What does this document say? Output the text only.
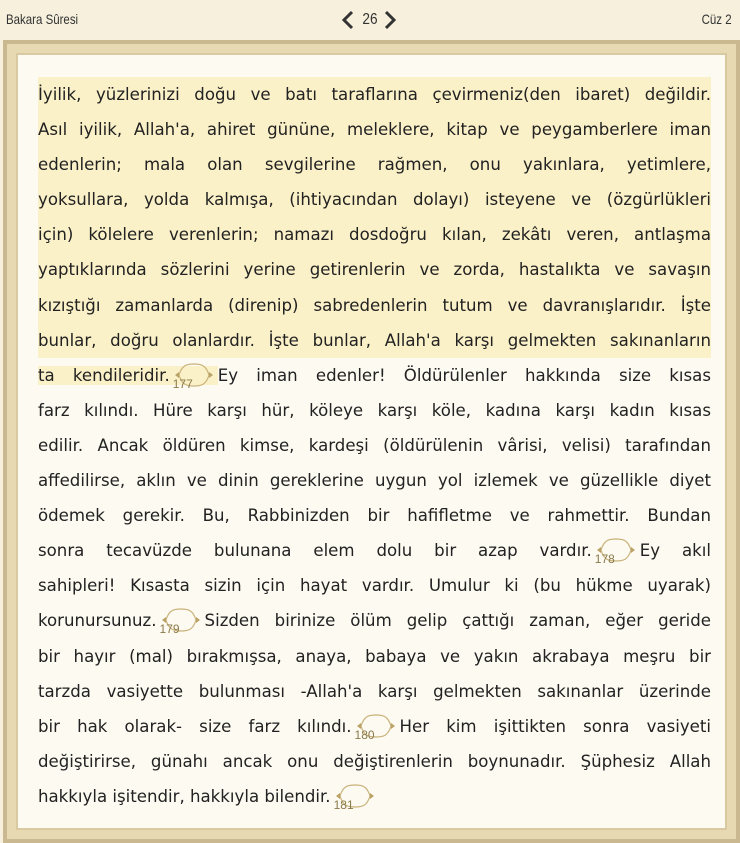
Bakara Sûresi	26	Cüz 2
İyilik, yüzlerinizi doğu ve batı taraflarına çevirmeniz(den ibaret) değildir.
Asıl iyilik, Allah'a, ahiret gününe, meleklere, kitap ve peygamberlere iman
edenlerin; mala olan sevgilerine rağmen, onu yakınlara, yetimlere,
yoksullara, yolda kalmışa, (ihtiyacından dolayı) isteyene ve (özgürlükleri
için) kölelere verenlerin; namazı dosdoğru kılan, zekâtı veren, antlaşma
yaptıklarında sözlerini yerine getirenlerin ve zorda, hastalıkta ve savaşın
kızıştığı zamanlarda (direnip) sabredenlerin tutum ve davranışlarıdır. İşte
bunlar, doğru olanlardır. İşte bunlar, Allah'a karşı gelmekten sakınanların
ta kendileridir. 177	Ey iman edenler! Öldürülenler hakkında size kısas
farz kılındı. Hüre karşı hür, köleye karşı köle, kadına karşı kadın kısas
edilir. Ancak öldüren kimse, kardeşi (öldürülenin vârisi, velisi) tarafından
affedilirse, aklın ve dinin gereklerine uygun yol izlemek ve güzellikle diyet
ödemek gerekir. Bu, Rabbinizden bir hafifletme ve rahmettir. Bundan
sonra tecavüzde bulunana elem dolu bir azap vardır. 178	Ey akıl
sahipleri! Kısasta sizin için hayat vardır. Umulur ki (bu hükme uyarak)
korunursunuz. 179	Sizden birinize ölüm gelip çattığı zaman, eğer geride
bir hayır (mal) bırakmışsa, anaya, babaya ve yakın akrabaya meşru bir
tarzda vasiyette bulunması -Allah'a karşı gelmekten sakınanlar üzerinde
bir hak olarak- size farz kılındı. 180	Her kim işittikten sonra vasiyeti
değiştirirse, günahı ancak onu değiştirenlerin boynunadır. Şüphesiz Allah
hakkıyla işitendir, hakkıyla bilendir. 181
